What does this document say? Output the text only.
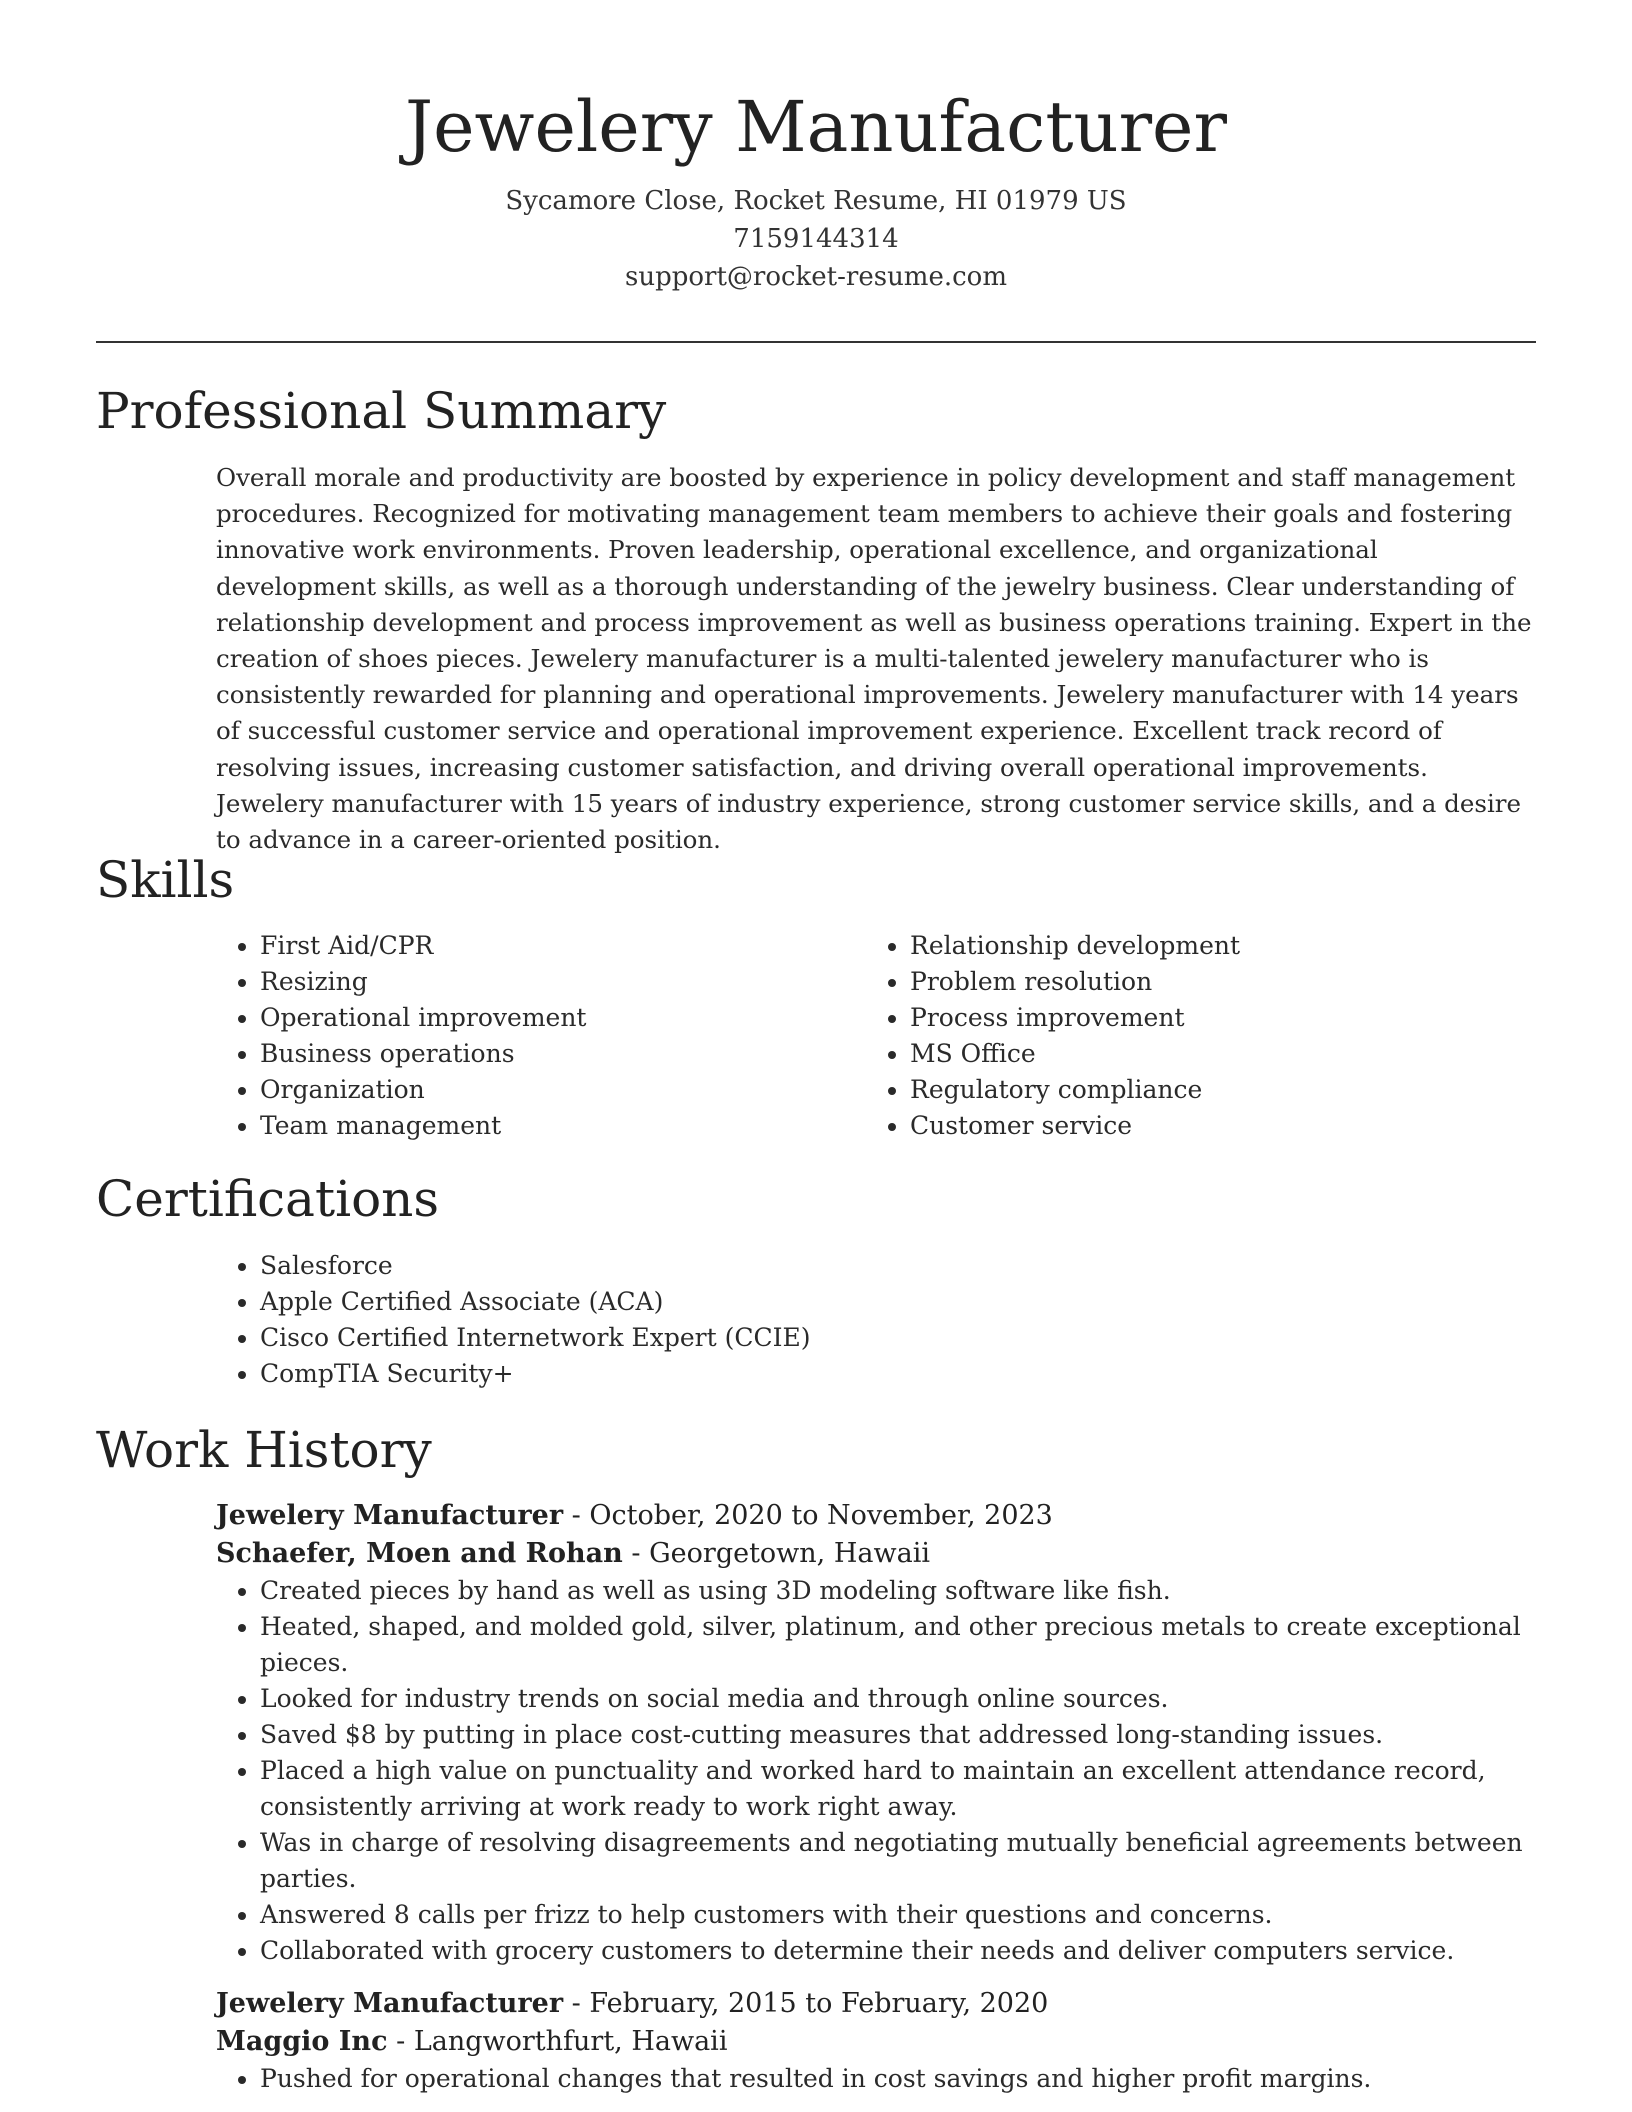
Jewelery Manufacturer
Sycamore Close, Rocket Resume, HI 01979 US
7159144314
support@rocket-resume.com
Professional Summary

Overall morale and productivity are boosted by experience in policy development and staff management procedures. Recognized for motivating management team members to achieve their goals and fostering innovative work environments. Proven leadership, operational excellence, and organizational development skills, as well as a thorough understanding of the jewelry business. Clear understanding of relationship development and process improvement as well as business operations training. Expert in the creation of shoes pieces. Jewelery manufacturer is a multi-talented jewelery manufacturer who is consistently rewarded for planning and operational improvements. Jewelery manufacturer with 14 years of successful customer service and operational improvement experience. Excellent track record of resolving issues, increasing customer satisfaction, and driving overall operational improvements. Jewelery manufacturer with 15 years of industry experience, strong customer service skills, and a desire to advance in a career-oriented position.

Skills
• First Aid/CPR
• Resizing
• Operational improvement
• Business operations
• Organization
• Team management
• Relationship development
• Problem resolution
• Process improvement
• MS Office
• Regulatory compliance
• Customer service
Certifications
• Salesforce
• Apple Certified Associate (ACA)
• Cisco Certified Internetwork Expert (CCIE)
• CompTIA Security+
Work History
Jewelery Manufacturer - October, 2020 to November, 2023
Schaefer, Moen and Rohan - Georgetown, Hawaii
• Created pieces by hand as well as using 3D modeling software like fish.
• Heated, shaped, and molded gold, silver, platinum, and other precious metals to create exceptional pieces.
• Looked for industry trends on social media and through online sources.
• Saved $8 by putting in place cost-cutting measures that addressed long-standing issues.
• Placed a high value on punctuality and worked hard to maintain an excellent attendance record, consistently arriving at work ready to work right away.
• Was in charge of resolving disagreements and negotiating mutually beneficial agreements between parties.
• Answered 8 calls per frizz to help customers with their questions and concerns.
• Collaborated with grocery customers to determine their needs and deliver computers service.
Jewelery Manufacturer - February, 2015 to February, 2020
Maggio Inc - Langworthfurt, Hawaii
• Pushed for operational changes that resulted in cost savings and higher profit margins.
